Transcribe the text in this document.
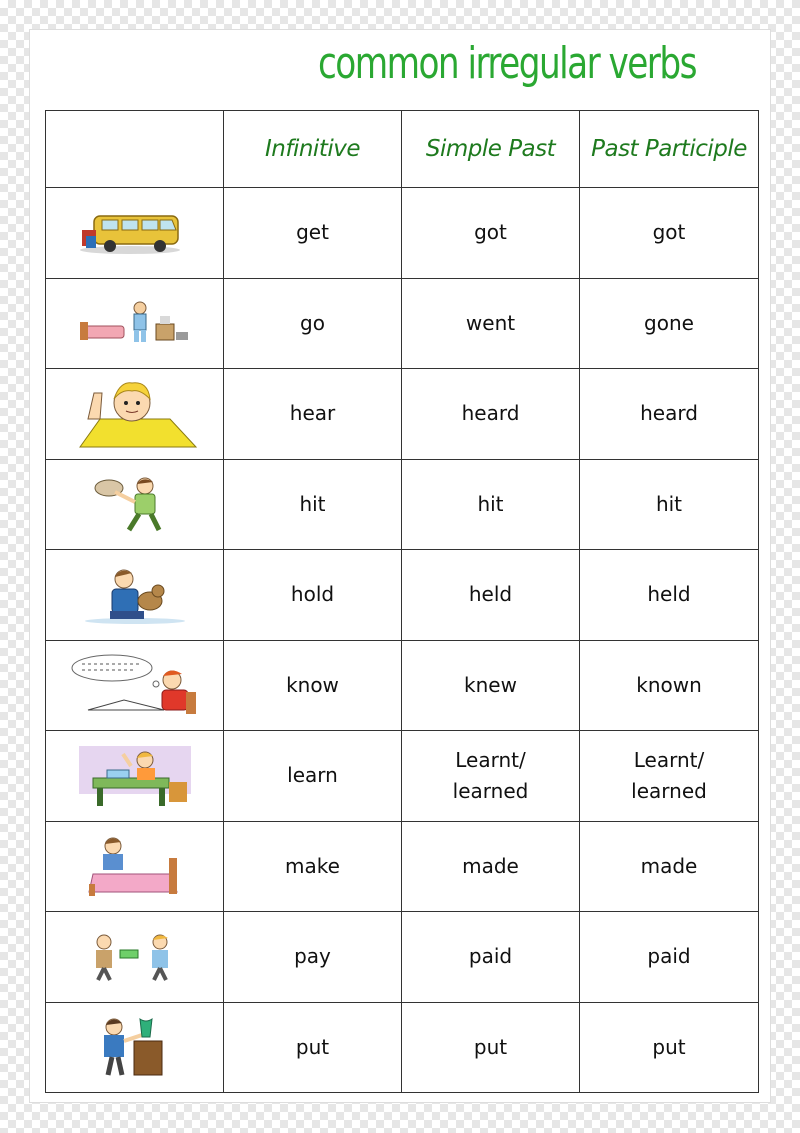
common irregular verbs
	Infinitive	Simple Past	Past Participle

	get	got	got

	go	went	gone

	hear	heard	heard

	hit	hit	hit

	hold	held	held

	know	knew	known

	learn	Learnt/ learned	Learnt/ learned

	make	made	made

	pay	paid	paid

	put	put	put
